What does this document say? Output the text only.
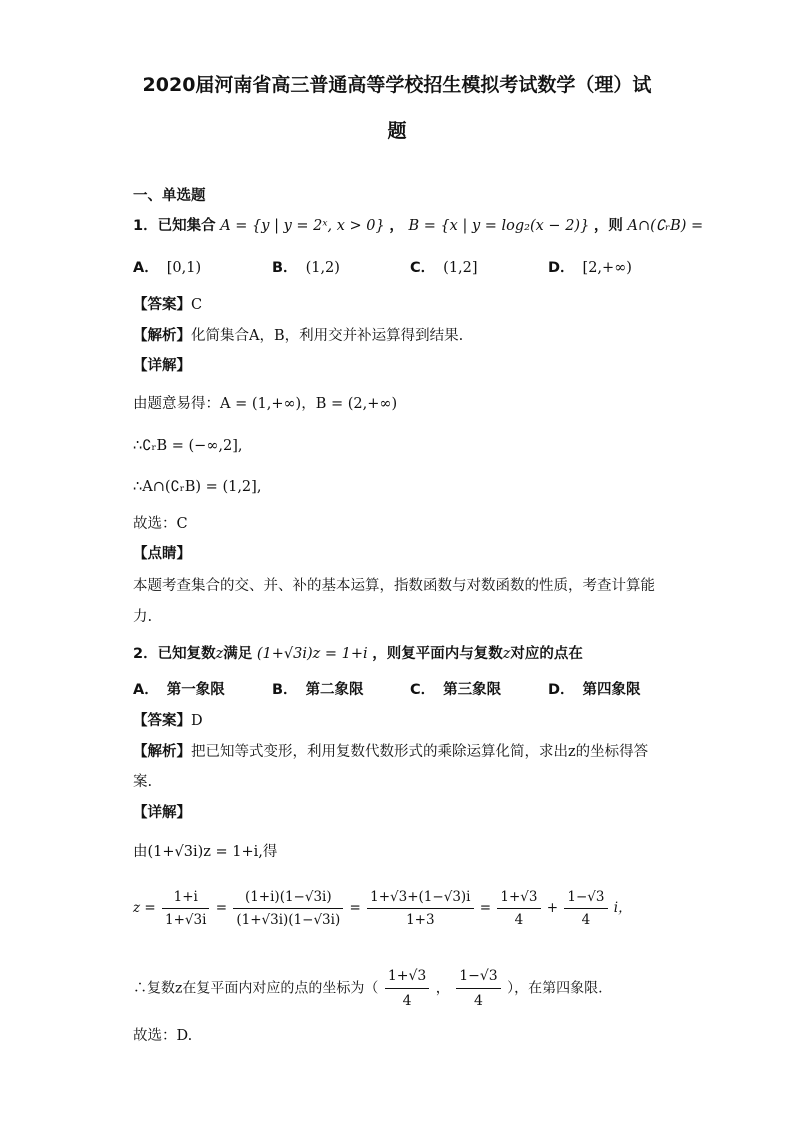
2020届河南省高三普通高等学校招生模拟考试数学（理）试
题
一、单选题
1．已知集合 A = {y | y = 2ˣ, x > 0} ， B = {x | y = log₂(x − 2)} ，则 A∩(∁ᵣB) =
A． [0,1)	B． (1,2)	C． (1,2]	D． [2,+∞)
【答案】C
【解析】化简集合A，B，利用交并补运算得到结果.
【详解】
由题意易得：A = (1,+∞)，B = (2,+∞)
∴∁ᵣB = (−∞,2],
∴A∩(∁ᵣB) = (1,2],
故选：C
【点睛】
本题考查集合的交、并、补的基本运算，指数函数与对数函数的性质，考查计算能
力.
2．已知复数z满足 (1+√3i)z = 1+i ，则复平面内与复数z对应的点在
A． 第一象限	B． 第二象限	C． 第三象限	D． 第四象限
【答案】D
【解析】把已知等式变形，利用复数代数形式的乘除运算化简，求出z的坐标得答
案.
【详解】
由(1+√3i)z = 1+i,得
$z = \frac{1+i}{1+√3i} = \frac{(1+i)(1-√3i)}{(1+√3i)(1-√3i)} = \frac{1+√3+(1-√3)i}{1+3} = \frac{1+√3}{4} + \frac{1-√3}{4}$ i，
∴复数z在复平面内对应的点的坐标为（ $\frac{1+√3}{4}$ ， $\frac{1-√3}{4}$ ），在第四象限.
故选：D.
